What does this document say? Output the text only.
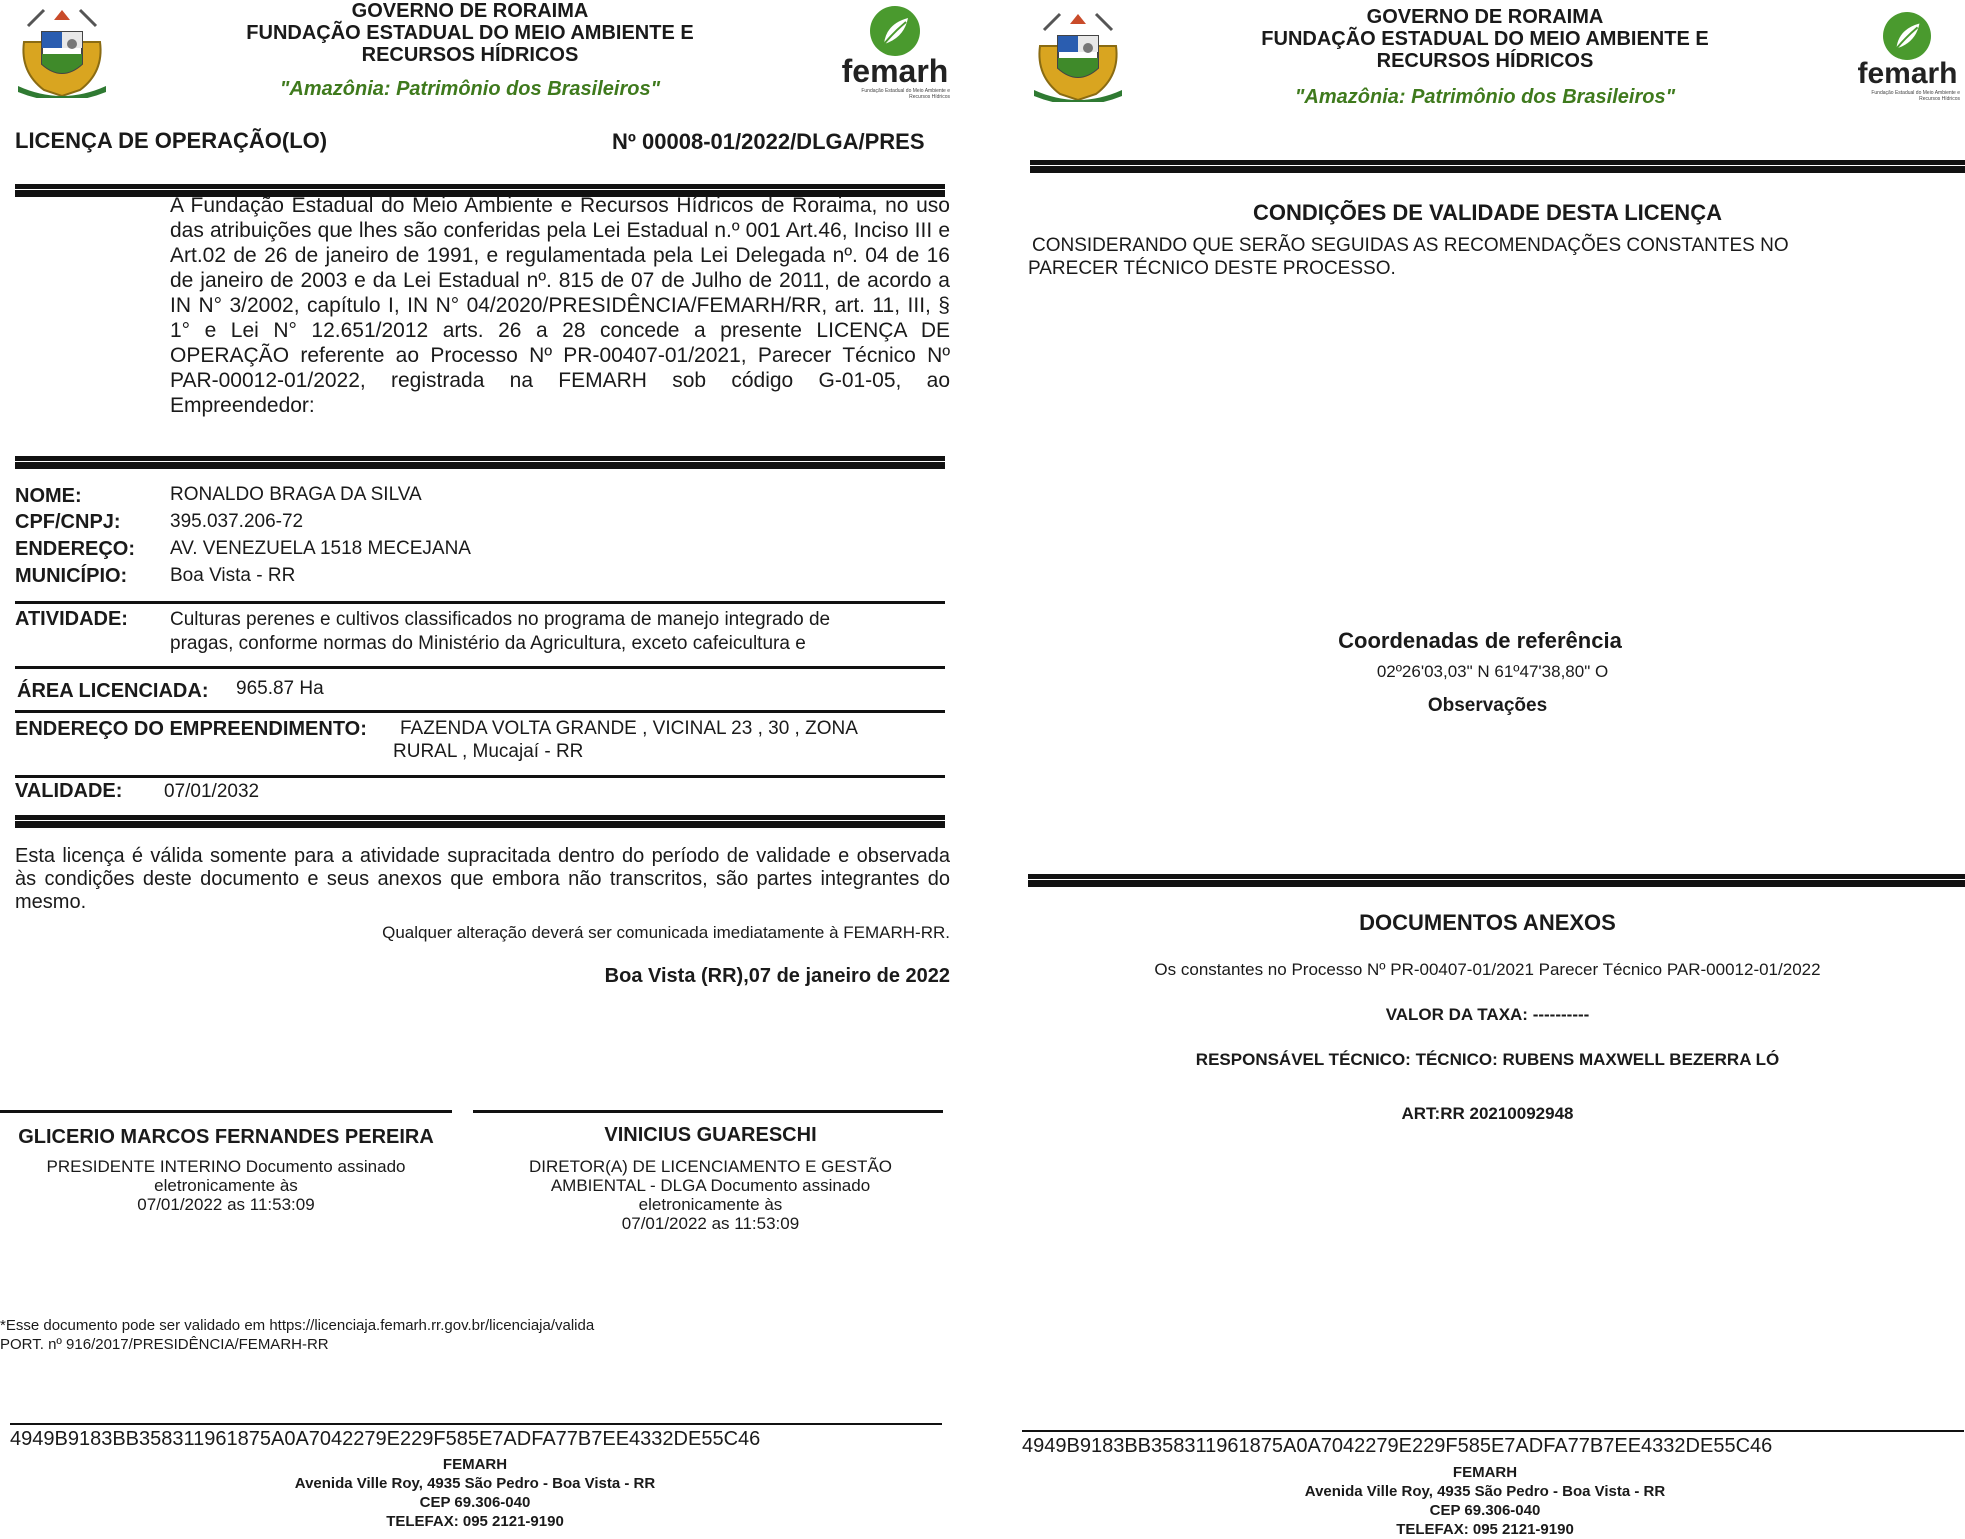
GOVERNO DE RORAIMA
FUNDAÇÃO ESTADUAL DO MEIO AMBIENTE E
RECURSOS HÍDRICOS
"Amazônia: Patrimônio dos Brasileiros"	femarh
Fundação Estadual do Meio Ambiente e Recursos Hídricos
LICENÇA DE OPERAÇÃO(LO)	Nº 00008-01/2022/DLGA/PRES
A Fundação Estadual do Meio Ambiente e Recursos Hídricos de Roraima, no uso das atribuições que lhes são conferidas pela Lei Estadual n.º 001 Art.46, Inciso III e Art.02 de 26 de janeiro de 1991, e regulamentada pela Lei Delegada nº. 04 de 16 de janeiro de 2003 e da Lei Estadual nº. 815 de 07 de Julho de 2011, de acordo a IN N° 3/2002, capítulo I, IN N° 04/2020/PRESIDÊNCIA/FEMARH/RR, art. 11, III, § 1° e Lei N° 12.651/2012 arts. 26 a 28 concede a presente LICENÇA DE OPERAÇÃO referente ao Processo Nº PR-00407-01/2021, Parecer Técnico Nº PAR-00012-01/2022, registrada na FEMARH sob código G-01-05, ao Empreendedor:
NOME:	RONALDO BRAGA DA SILVA
CPF/CNPJ:	395.037.206-72
ENDEREÇO: AV. VENEZUELA 1518 MECEJANA
MUNICÍPIO: Boa Vista - RR
ATIVIDADE: Culturas perenes e cultivos classificados no programa de manejo integrado de
pragas, conforme normas do Ministério da Agricultura, exceto cafeicultura e
ÁREA LICENCIADA: 965.87 Ha
ENDEREÇO DO EMPREENDIMENTO: FAZENDA VOLTA GRANDE , VICINAL 23 , 30 , ZONA
RURAL , Mucajaí - RR
VALIDADE: 07/01/2032
Esta licença é válida somente para a atividade supracitada dentro do período de validade e observada às condições deste documento e seus anexos que embora não transcritos, são partes integrantes do mesmo.
Qualquer alteração deverá ser comunicada imediatamente à FEMARH-RR.
Boa Vista (RR),07 de janeiro de 2022
GLICERIO MARCOS FERNANDES PEREIRA
PRESIDENTE INTERINO Documento assinado
eletronicamente às
07/01/2022 as 11:53:09
VINICIUS GUARESCHI
DIRETOR(A) DE LICENCIAMENTO E GESTÃO
AMBIENTAL - DLGA Documento assinado
eletronicamente às
07/01/2022 as 11:53:09
*Esse documento pode ser validado em https://licenciaja.femarh.rr.gov.br/licenciaja/valida
PORT. nº 916/2017/PRESIDÊNCIA/FEMARH-RR
4949B9183BB358311961875A0A7042279E229F585E7ADFA77B7EE4332DE55C46
FEMARH
Avenida Ville Roy, 4935 São Pedro - Boa Vista - RR
CEP 69.306-040
TELEFAX: 095 2121-9190
GOVERNO DE RORAIMA
FUNDAÇÃO ESTADUAL DO MEIO AMBIENTE E
RECURSOS HÍDRICOS
"Amazônia: Patrimônio dos Brasileiros"
femarh
Fundação Estadual do Meio Ambiente e Recursos Hídricos
CONDIÇÕES DE VALIDADE DESTA LICENÇA
CONSIDERANDO QUE SERÃO SEGUIDAS AS RECOMENDAÇÕES CONSTANTES NO
PARECER TÉCNICO DESTE PROCESSO.
Coordenadas de referência
02º26'03,03" N 61º47'38,80" O
Observações
DOCUMENTOS ANEXOS
Os constantes no Processo Nº PR-00407-01/2021 Parecer Técnico PAR-00012-01/2022
VALOR DA TAXA: ----------
RESPONSÁVEL TÉCNICO: TÉCNICO: RUBENS MAXWELL BEZERRA LÓ
ART:RR 20210092948
4949B9183BB358311961875A0A7042279E229F585E7ADFA77B7EE4332DE55C46
FEMARH
Avenida Ville Roy, 4935 São Pedro - Boa Vista - RR
CEP 69.306-040
TELEFAX: 095 2121-9190
